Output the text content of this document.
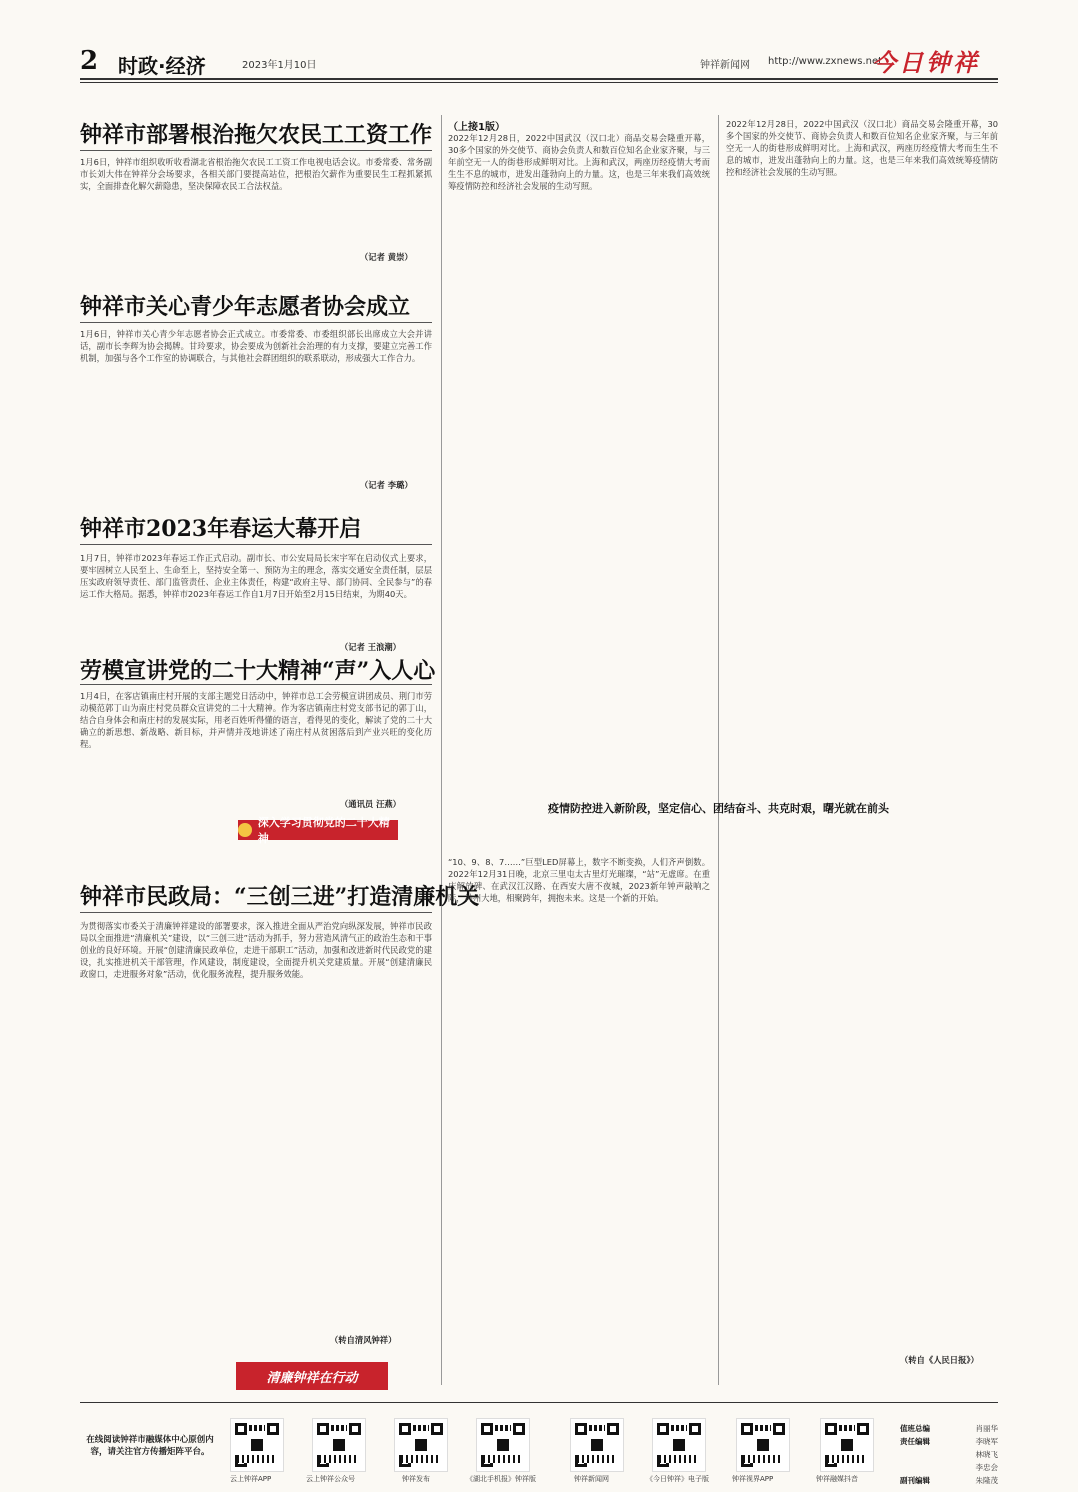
2 时政·经济	2023年1月10日	钟祥新闻网 http://www.zxnews.net
今日钟祥
钟祥市部署根治拖欠农民工工资工作
1月6日，钟祥市组织收听收看湖北省根治拖欠农民工工资工作电视电话会议。市委常委、常务副市长刘大伟在钟祥分会场要求，各相关部门要提高站位，把根治欠薪作为重要民生工程抓紧抓实，全面排查化解欠薪隐患，坚决保障农民工合法权益。
（记者 黄崇）
钟祥市关心青少年志愿者协会成立
1月6日，钟祥市关心青少年志愿者协会正式成立。市委常委、市委组织部长出席成立大会并讲话，副市长李辉为协会揭牌。甘玲要求，协会要成为创新社会治理的有力支撑，要建立完善工作机制，加强与各个工作室的协调联合，与其他社会群团组织的联系联动，形成强大工作合力。
（记者 李璐）
钟祥市2023年春运大幕开启
1月7日，钟祥市2023年春运工作正式启动。副市长、市公安局局长宋宇军在启动仪式上要求，要牢固树立人民至上、生命至上，坚持安全第一、预防为主的理念，落实交通安全责任制，层层压实政府领导责任、部门监管责任、企业主体责任，构建“政府主导、部门协同、全民参与”的春运工作大格局。据悉，钟祥市2023年春运工作自1月7日开始至2月15日结束，为期40天。
（记者 王浪潮）
劳模宣讲党的二十大精神“声”入人心
1月4日，在客店镇南庄村开展的支部主题党日活动中，钟祥市总工会劳模宣讲团成员、荆门市劳动模范郭丁山为南庄村党员群众宣讲党的二十大精神。作为客店镇南庄村党支部书记的郭丁山，结合自身体会和南庄村的发展实际，用老百姓听得懂的语言，看得见的变化，解读了党的二十大确立的新思想、新战略、新目标，并声情并茂地讲述了南庄村从贫困落后到产业兴旺的变化历程。
（通讯员 汪燕）
深入学习贯彻党的二十大精神
钟祥市民政局：“三创三进”打造清廉机关
为贯彻落实市委关于清廉钟祥建设的部署要求，深入推进全面从严治党向纵深发展，钟祥市民政局以全面推进“清廉机关”建设，以“三创三进”活动为抓手，努力营造风清气正的政治生态和干事创业的良好环境。开展“创建清廉民政单位，走进干部职工”活动，加强和改进新时代民政党的建设，扎实推进机关干部管理，作风建设，制度建设，全面提升机关党建质量。开展“创建清廉民政窗口，走进服务对象”活动，优化服务流程，提升服务效能。
（转自清风钟祥）
清廉钟祥在行动
（上接1版）
2022年12月28日，2022中国武汉（汉口北）商品交易会隆重开幕，30多个国家的外交使节、商协会负责人和数百位知名企业家齐聚，与三年前空无一人的街巷形成鲜明对比。上海和武汉，两座历经疫情大考而生生不息的城市，进发出蓬勃向上的力量。这，也是三年来我们高效统筹疫情防控和经济社会发展的生动写照。
疫情防控进入新阶段，坚定信心、团结奋斗、共克时艰，曙光就在前头
“10、9、8、7……”巨型LED屏幕上，数字不断变换，人们齐声倒数。2022年12月31日晚，北京三里屯太古里灯光璀璨，“站”无虚席。在重庆解放碑、在武汉江汉路、在西安大唐不夜城，2023新年钟声敲响之际，神州大地，相聚跨年，拥抱未来。这是一个新的开始。
2022年12月28日，2022中国武汉（汉口北）商品交易会隆重开幕，30多个国家的外交使节、商协会负责人和数百位知名企业家齐聚，与三年前空无一人的街巷形成鲜明对比。上海和武汉，两座历经疫情大考而生生不息的城市，进发出蓬勃向上的力量。这，也是三年来我们高效统筹疫情防控和经济社会发展的生动写照。
（转自《人民日报》）
在线阅读钟祥市融媒体中心原创内容，请关注官方传播矩阵平台。
云上钟祥APP	云上钟祥公众号	钟祥发布	《湖北手机报》钟祥版	钟祥新闻网	《今日钟祥》电子版	钟祥视界APP	钟祥融媒抖音
值班总编	肖丽华
责任编辑	李晓军
林晓飞
李忠会
副刊编辑	朱隆茂
